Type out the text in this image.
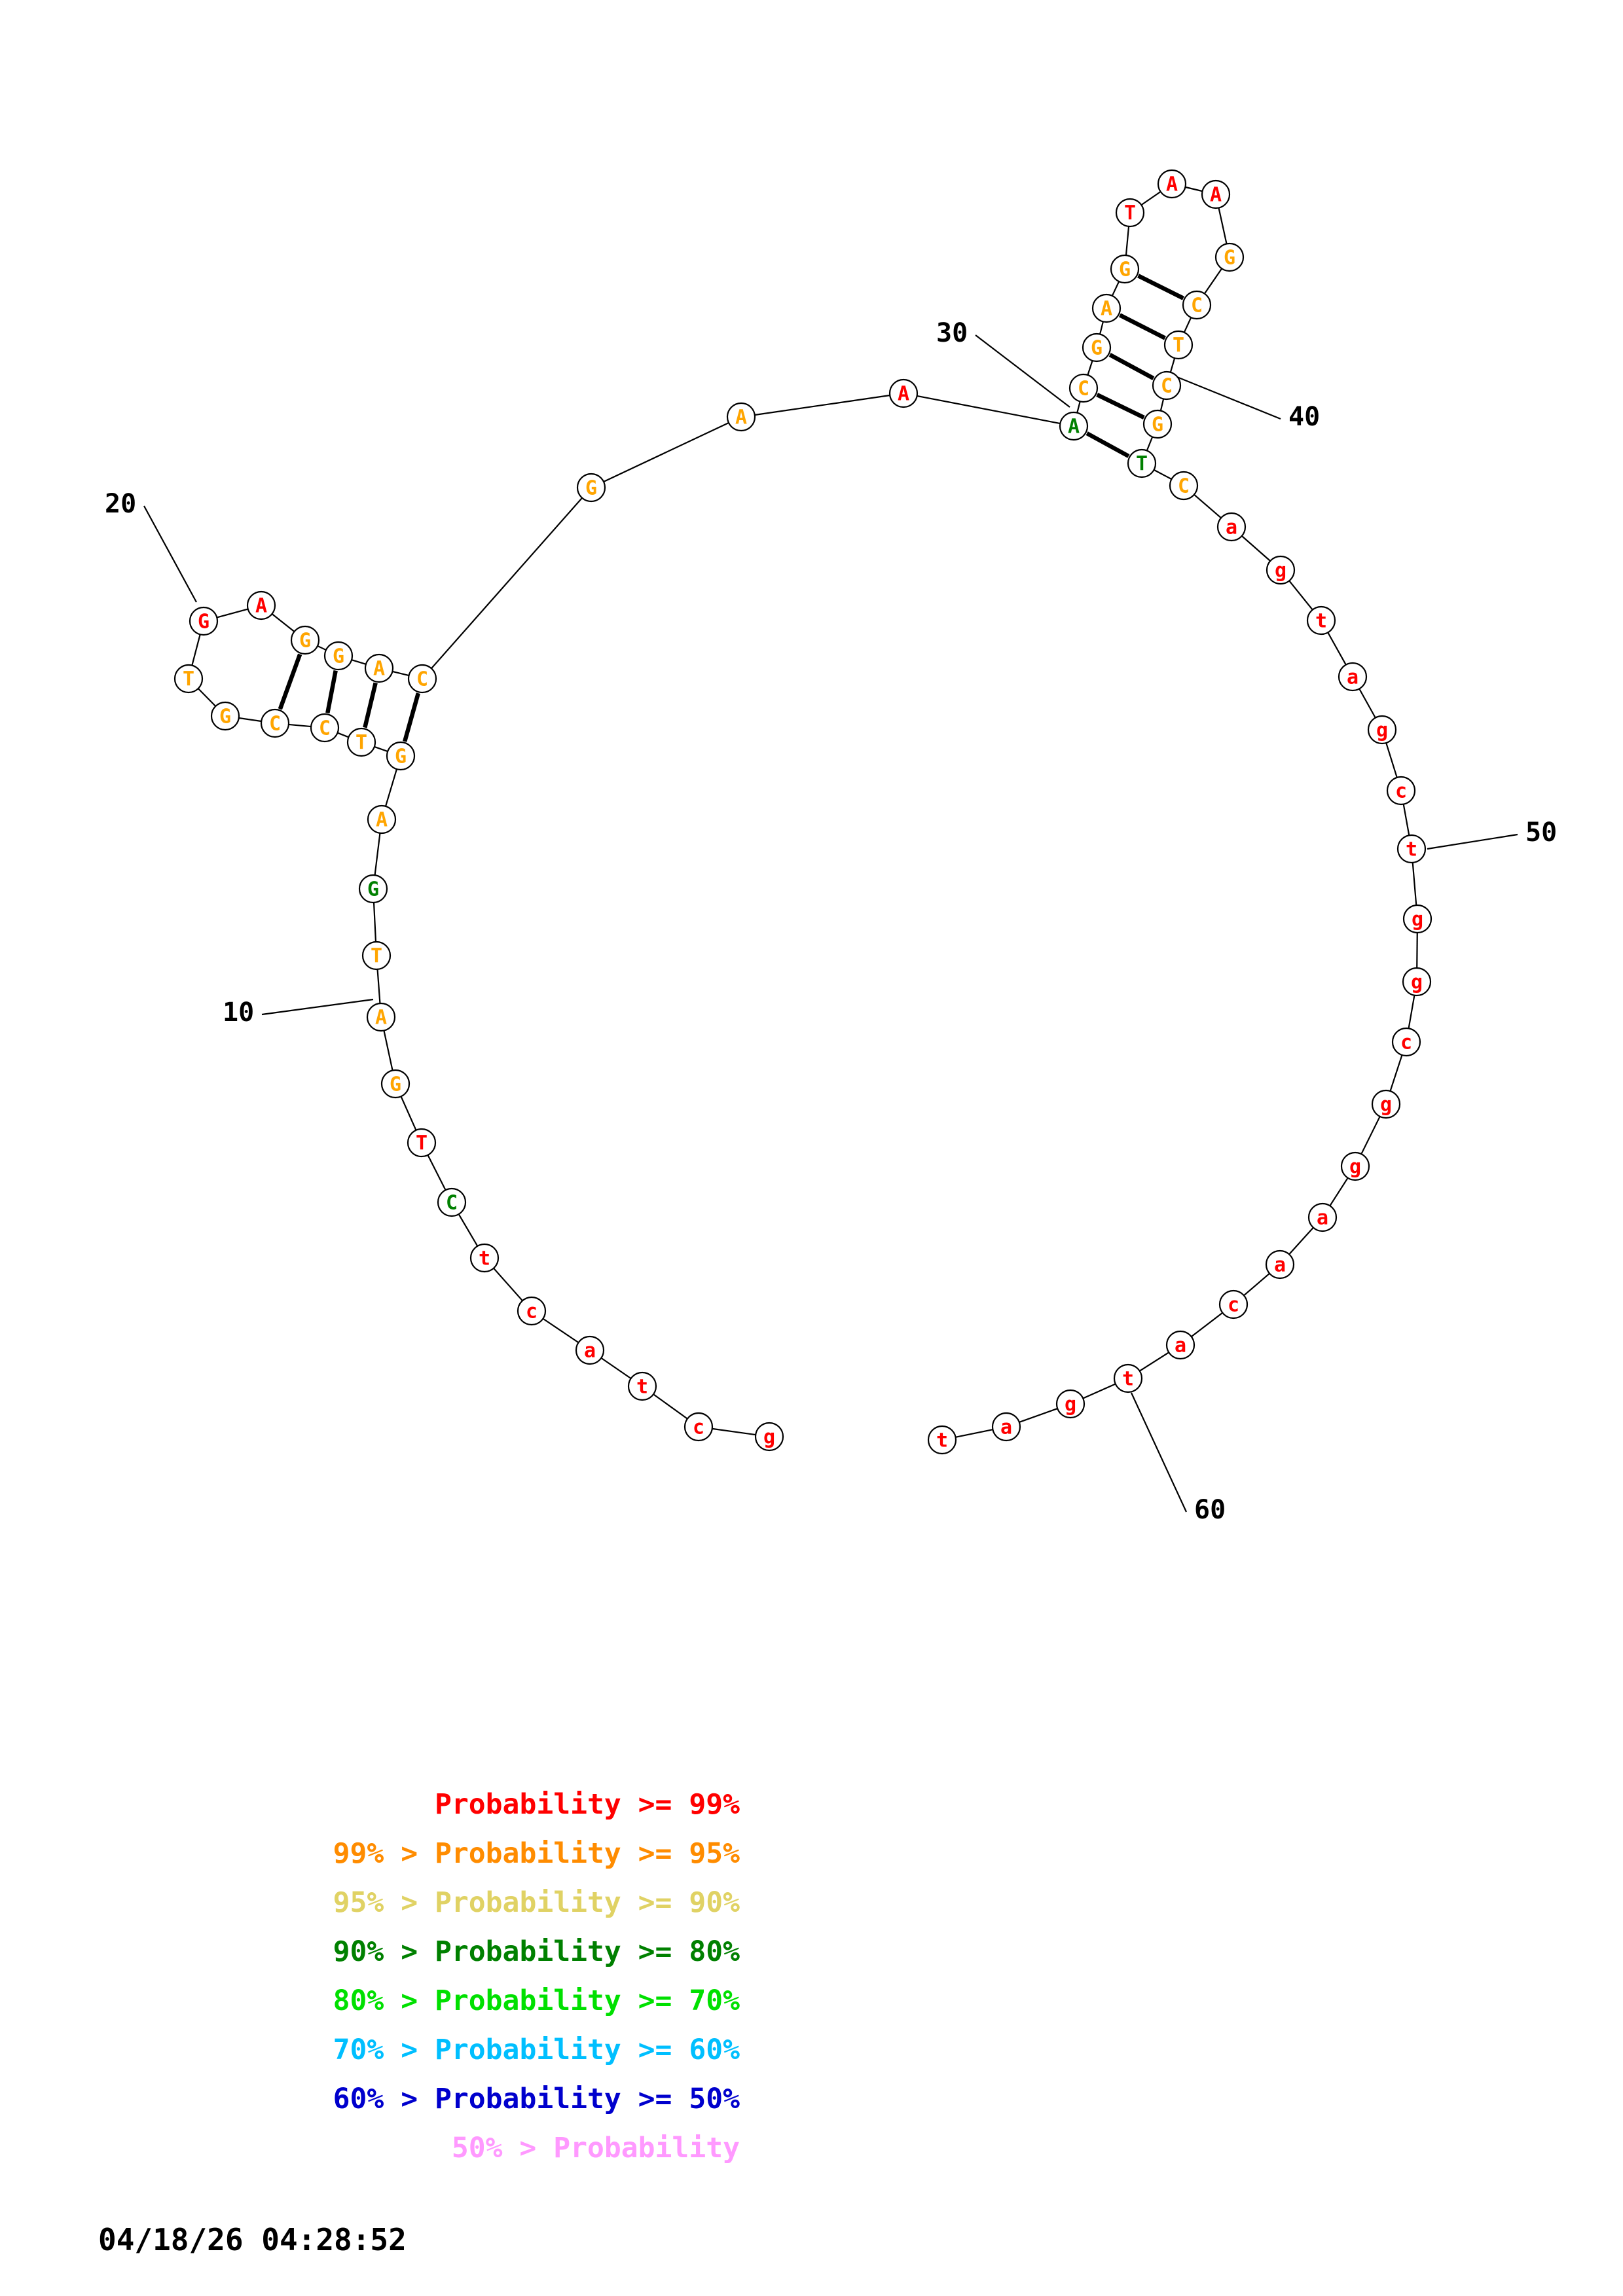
10
20
30
40
50
60
g
c
t
a
c
t
C
T
G
A
T
G
A
G
T
C
C
G
T
G
A
G
G
A C
G
A
A
A
C
G
A
G
T
A A
G
C
T
C
G
T
C
a
g
t
a
g
c
t
g
g
c
g
g
a
a
c
a
t
g
a
t
Probability >= 99%
99% > Probability >= 95%
95% > Probability >= 90%
90% > Probability >= 80%
80% > Probability >= 70%
70% > Probability >= 60%
60% > Probability >= 50%
50% > Probability
04/18/26 04:28:52
